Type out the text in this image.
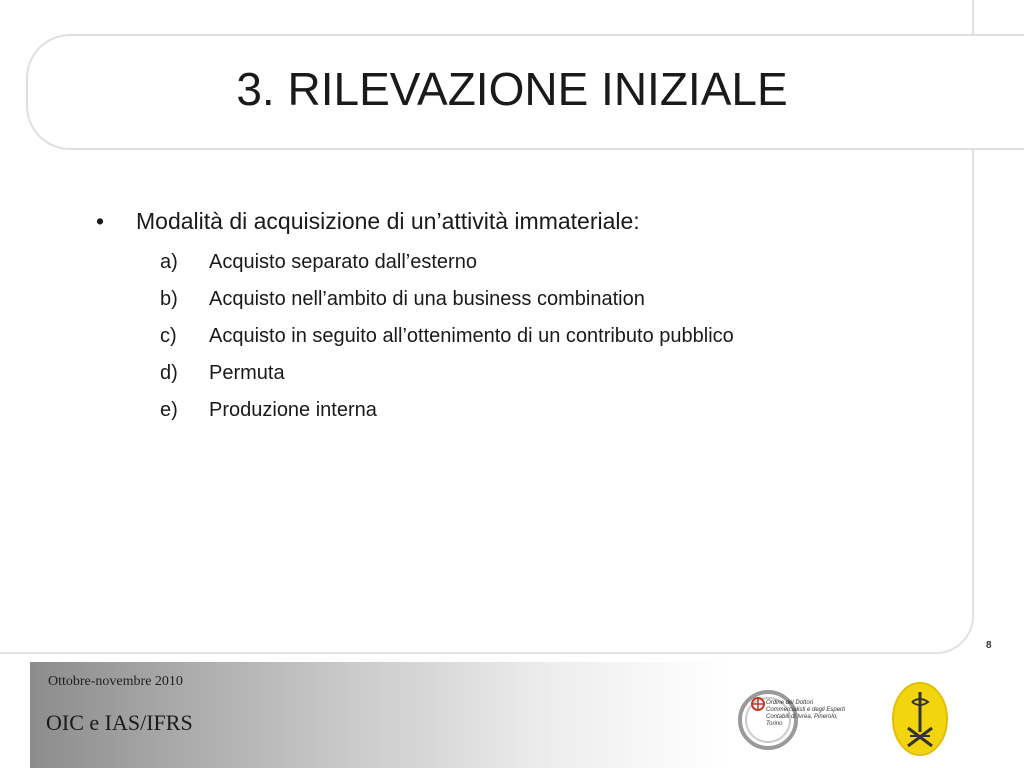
3. RILEVAZIONE INIZIALE
• Modalità di acquisizione di un’attività immateriale:
a) Acquisto separato dall’esterno
b) Acquisto nell’ambito di una business combination
c) Acquisto in seguito all’ottenimento di un contributo pubblico
d) Permuta
e) Produzione interna
8
Ottobre-novembre 2010
OIC e IAS/IFRS
Ordine dei Dottori Commercialisti e degli Esperti Contabili di Ivrea, Pinerolo, Torino
